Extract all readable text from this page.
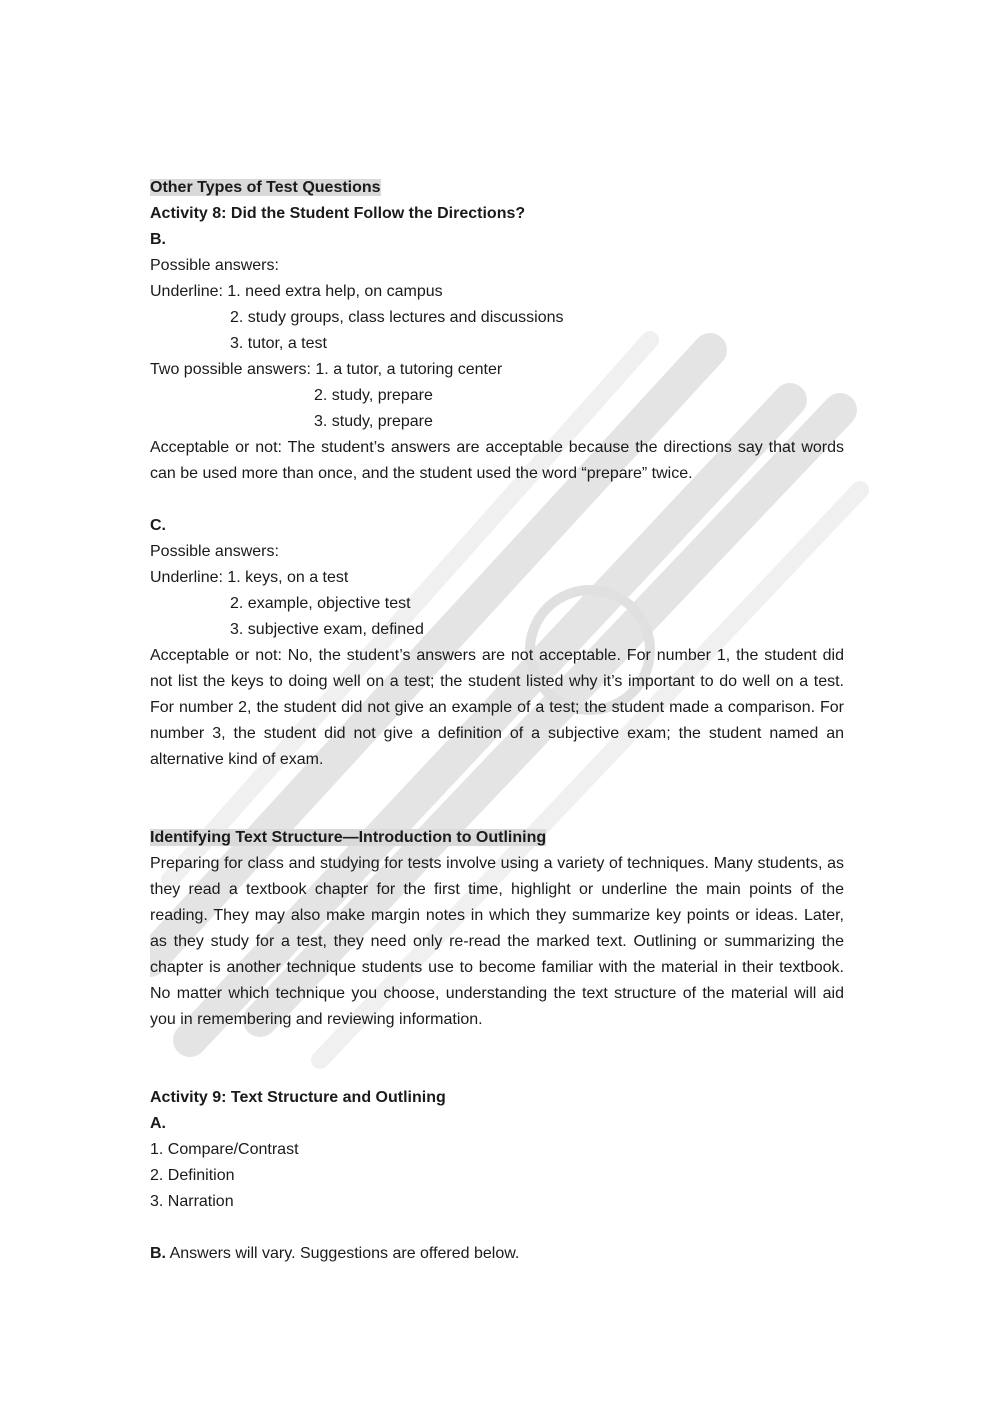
Other Types of Test Questions
Activity 8: Did the Student Follow the Directions?
B.
Possible answers:
Underline: 1. need extra help, on campus
2. study groups, class lectures and discussions
3. tutor, a test
Two possible answers: 1. a tutor, a tutoring center
2. study, prepare
3. study, prepare

Acceptable or not: The student’s answers are acceptable because the directions say that words can be used more than once, and the student used the word “prepare” twice.

C.
Possible answers:
Underline: 1. keys, on a test
2. example, objective test
3. subjective exam, defined

Acceptable or not: No, the student’s answers are not acceptable. For number 1, the student did not list the keys to doing well on a test; the student listed why it’s important to do well on a test. For number 2, the student did not give an example of a test; the student made a comparison. For number 3, the student did not give a definition of a subjective exam; the student named an alternative kind of exam.

Identifying Text Structure—Introduction to Outlining

Preparing for class and studying for tests involve using a variety of techniques. Many students, as they read a textbook chapter for the first time, highlight or underline the main points of the reading. They may also make margin notes in which they summarize key points or ideas. Later, as they study for a test, they need only re-read the marked text. Outlining or summarizing the chapter is another technique students use to become familiar with the material in their textbook. No matter which technique you choose, understanding the text structure of the material will aid you in remembering and reviewing information.

Activity 9: Text Structure and Outlining
A.
1. Compare/Contrast
2. Definition
3. Narration
B. Answers will vary. Suggestions are offered below.
